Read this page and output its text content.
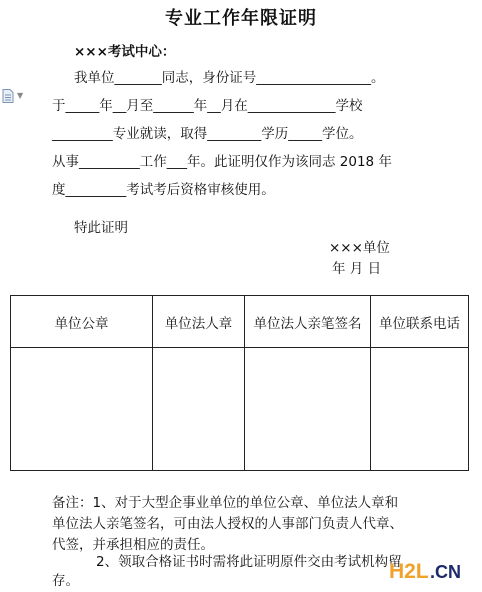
专业工作年限证明
▼
×××考试中心：
我单位_______同志，身份证号_________________。
于_____年__月至______年__月在_____________学校
_________专业就读，取得________学历_____学位。
从事_________工作___年。此证明仅作为该同志 2018 年
度_________考试考后资格审核使用。
特此证明
×××单位
年 月 日
单位公章	单位法人章	单位法人亲笔签名	单位联系电话

备注：1、对于大型企事业单位的单位公章、单位法人章和
单位法人亲笔签名，可由法人授权的人事部门负责人代章、
代签，并承担相应的责任。
2、领取合格证书时需将此证明原件交由考试机构留
存。	H2L .CN
